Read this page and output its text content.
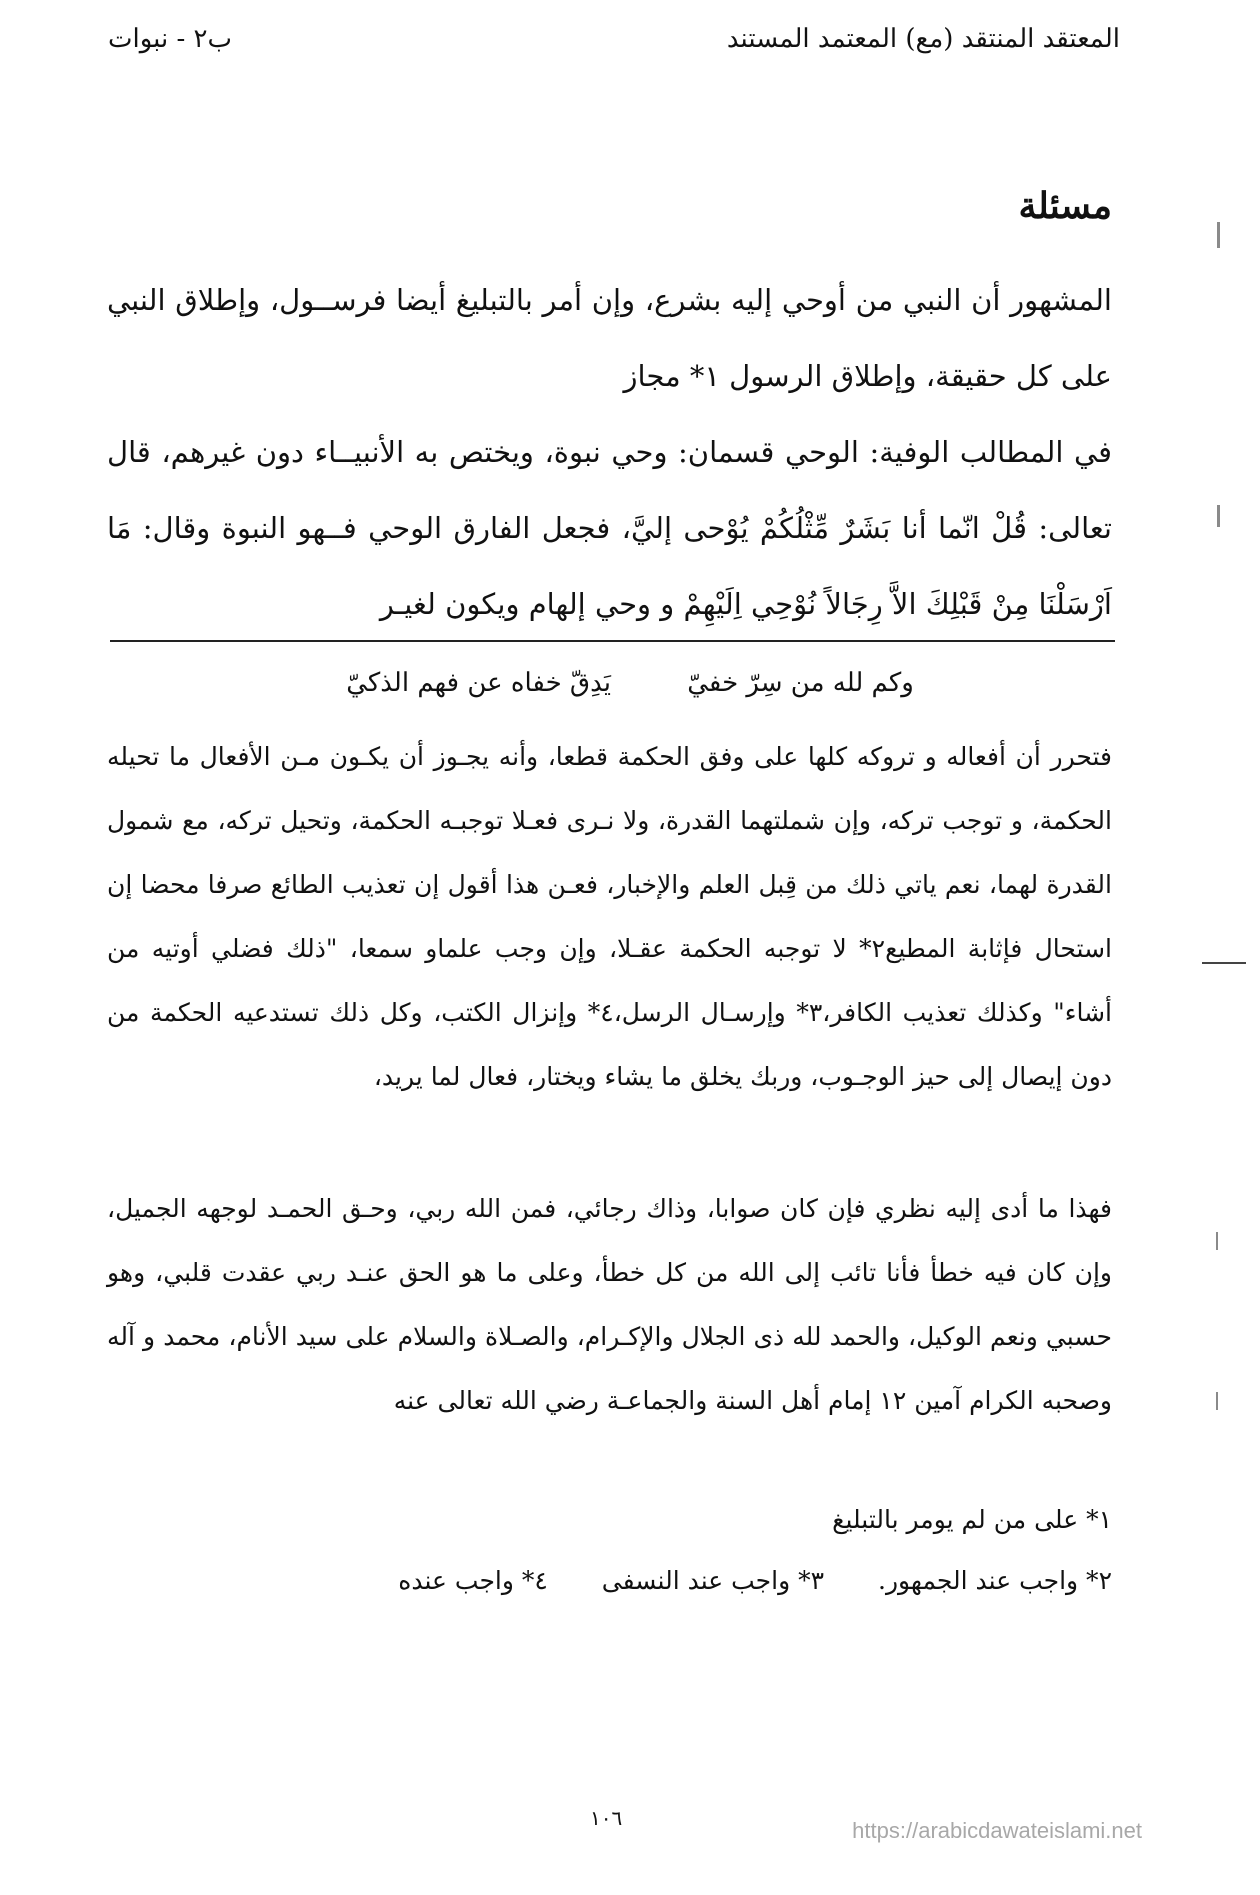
المعتقد المنتقد (مع) المعتمد المستند
ب٢ - نبوات
مسئلة
المشهور أن النبي من أوحي إليه بشرع، وإن أمر بالتبليغ أيضا فرســول، وإطلاق النبي على كل حقيقة، وإطلاق الرسول ١* مجاز
في المطالب الوفية: الوحي قسمان: وحي نبوة، ويختص به الأنبيــاء دون غيرهم، قال تعالى: قُلْ انّما أنا بَشَرٌ مِّثْلُكُمْ يُوْحى إليَّ، فجعل الفارق الوحي فــهو النبوة وقال: مَا اَرْسَلْنَا مِنْ قَبْلِكَ الاَّ رِجَالاً نُوْحِي اِلَيْهِمْ و وحي إلهام ويكون لغيـر
وكم لله من سِرّ خفيّ يَدِقّ خفاه عن فهم الذكيّ
فتحرر أن أفعاله و تروكه كلها على وفق الحكمة قطعا، وأنه يجـوز أن يكـون مـن الأفعال ما تحيله الحكمة، و توجب تركه، وإن شملتهما القدرة، ولا نـرى فعـلا توجبـه الحكمة، وتحيل تركه، مع شمول القدرة لهما، نعم ياتي ذلك من قِبل العلم والإخبار، فعـن هذا أقول إن تعذيب الطائع صرفا محضا إن استحال فإثابة المطيع٢* لا توجبه الحكمة عقـلا، وإن وجب علماو سمعا، "ذلك فضلي أوتيه من أشاء" وكذلك تعذيب الكافر،٣* وإرسـال الرسل،٤* وإنزال الكتب، وكل ذلك تستدعيه الحكمة من دون إيصال إلى حيز الوجـوب، وربك يخلق ما يشاء ويختار، فعال لما يريد،
فهذا ما أدى إليه نظري فإن كان صوابا، وذاك رجائي، فمن الله ربي، وحـق الحمـد لوجهه الجميل، وإن كان فيه خطأ فأنا تائب إلى الله من كل خطأ، وعلى ما هو الحق عنـد ربي عقدت قلبي، وهو حسبي ونعم الوكيل، والحمد لله ذى الجلال والإكـرام، والصـلاة والسلام على سيد الأنام، محمد و آله وصحبه الكرام آمين ١٢ إمام أهل السنة والجماعـة رضي الله تعالى عنه
١* على من لم يومر بالتبليغ
٢* واجب عند الجمهور. ٣* واجب عند النسفى ٤* واجب عنده
١٠٦	https://arabicdawateislami.net
